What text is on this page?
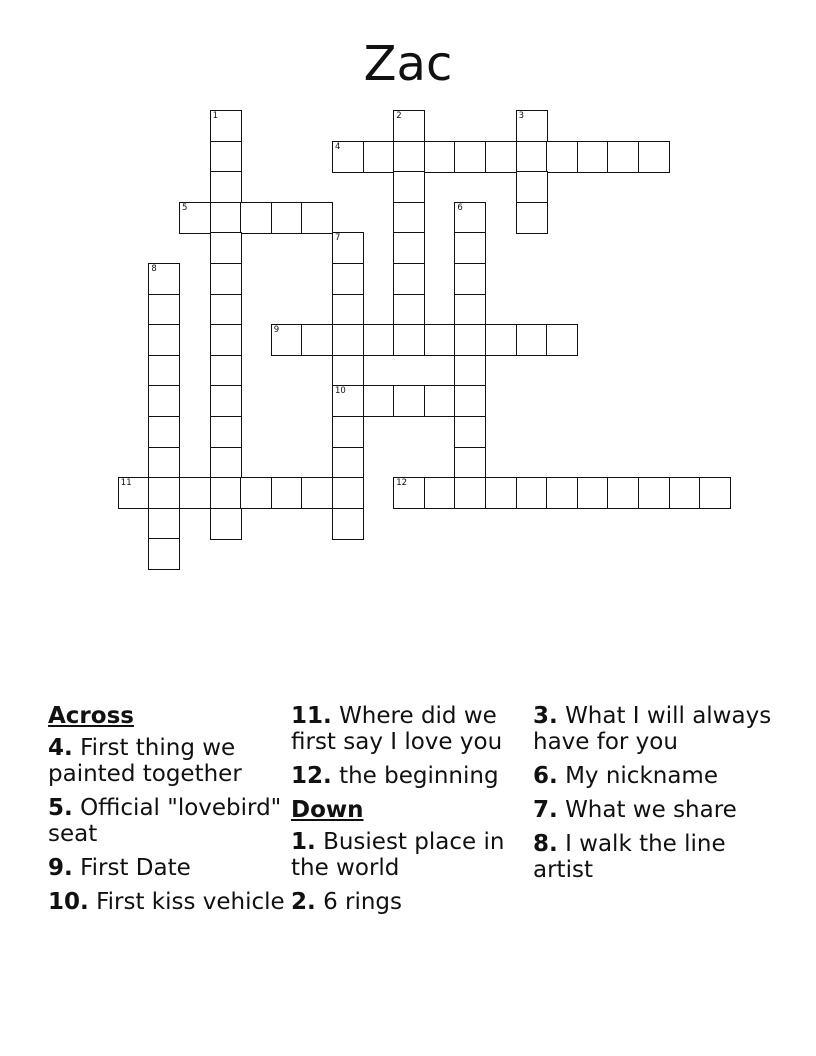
Zac
1	2	3
4
5	6
7
8
9
10
11	12
Across
4. First thing we painted together
5. Official "lovebird" seat
9. First Date
10. First kiss vehicle
11. Where did we first say I love you
12. the beginning
Down
1. Busiest place in the world
2. 6 rings
3. What I will always have for you
6. My nickname
7. What we share
8. I walk the line artist
